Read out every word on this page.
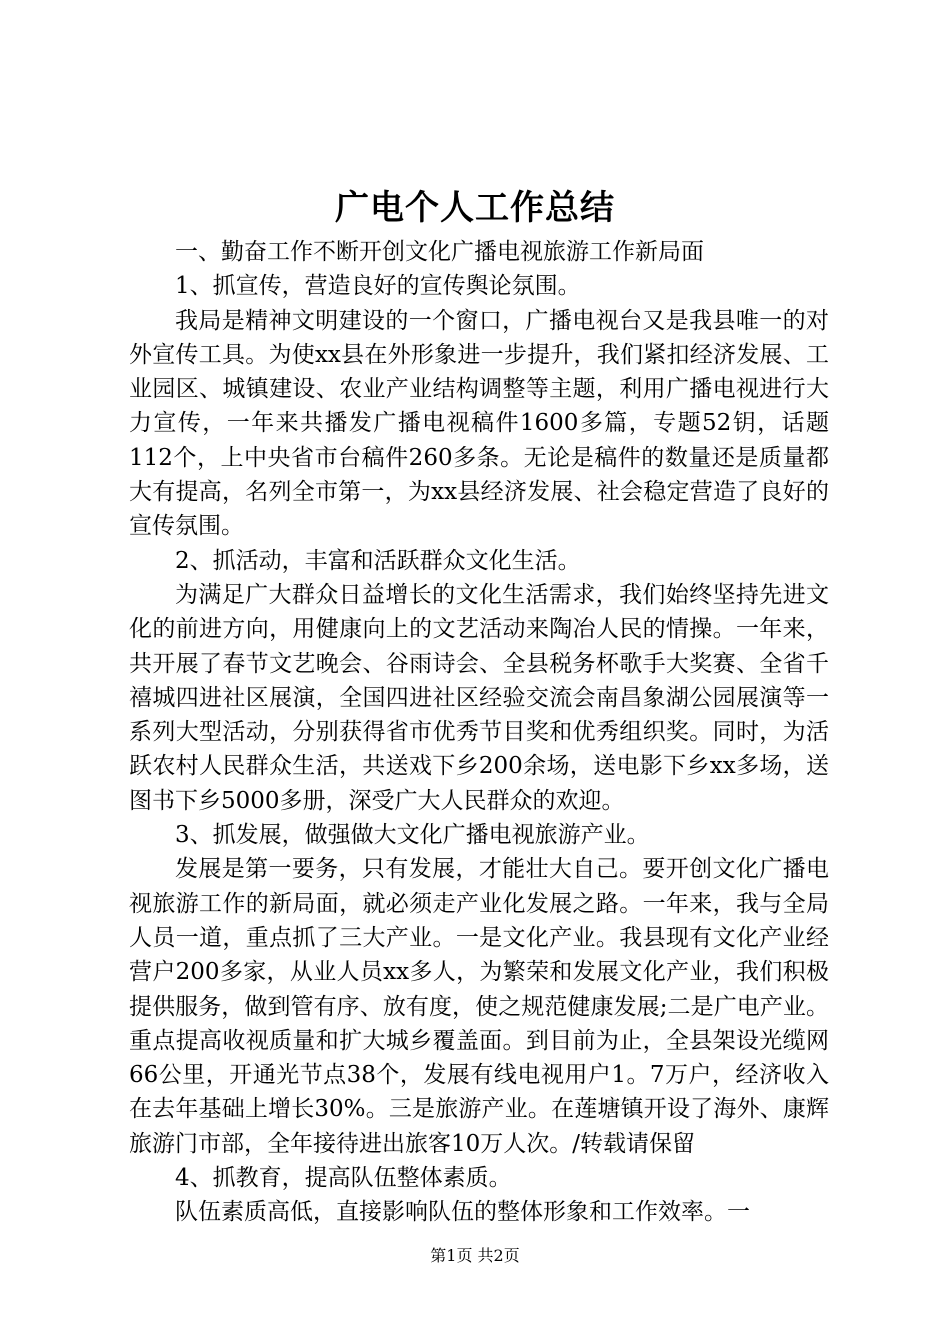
广电个人工作总结

一、勤奋工作不断开创文化广播电视旅游工作新局面

1、抓宣传，营造良好的宣传舆论氛围。

我局是精神文明建设的一个窗口，广播电视台又是我县唯一的对外宣传工具。为使xx县在外形象进一步提升，我们紧扣经济发展、工业园区、城镇建设、农业产业结构调整等主题，利用广播电视进行大力宣传，一年来共播发广播电视稿件1600多篇，专题52钥，话题112个，上中央省市台稿件260多条。无论是稿件的数量还是质量都大有提高，名列全市第一，为xx县经济发展、社会稳定营造了良好的宣传氛围。

2、抓活动，丰富和活跃群众文化生活。

为满足广大群众日益增长的文化生活需求，我们始终坚持先进文化的前进方向，用健康向上的文艺活动来陶冶人民的情操。一年来，共开展了春节文艺晚会、谷雨诗会、全县税务杯歌手大奖赛、全省千禧城四进社区展演，全国四进社区经验交流会南昌象湖公园展演等一系列大型活动，分别获得省市优秀节目奖和优秀组织奖。同时，为活跃农村人民群众生活，共送戏下乡200余场，送电影下乡xx多场，送图书下乡5000多册，深受广大人民群众的欢迎。

3、抓发展，做强做大文化广播电视旅游产业。

发展是第一要务，只有发展，才能壮大自己。要开创文化广播电视旅游工作的新局面，就必须走产业化发展之路。一年来，我与全局人员一道，重点抓了三大产业。一是文化产业。我县现有文化产业经营户200多家，从业人员xx多人，为繁荣和发展文化产业，我们积极提供服务，做到管有序、放有度，使之规范健康发展;二是广电产业。重点提高收视质量和扩大城乡覆盖面。到目前为止，全县架设光缆网66公里，开通光节点38个，发展有线电视用户1。7万户，经济收入在去年基础上增长30%。三是旅游产业。在莲塘镇开设了海外、康辉旅游门市部，全年接待进出旅客10万人次。/转载请保留

4、抓教育，提高队伍整体素质。

队伍素质高低，直接影响队伍的整体形象和工作效率。一

第1页 共2页
